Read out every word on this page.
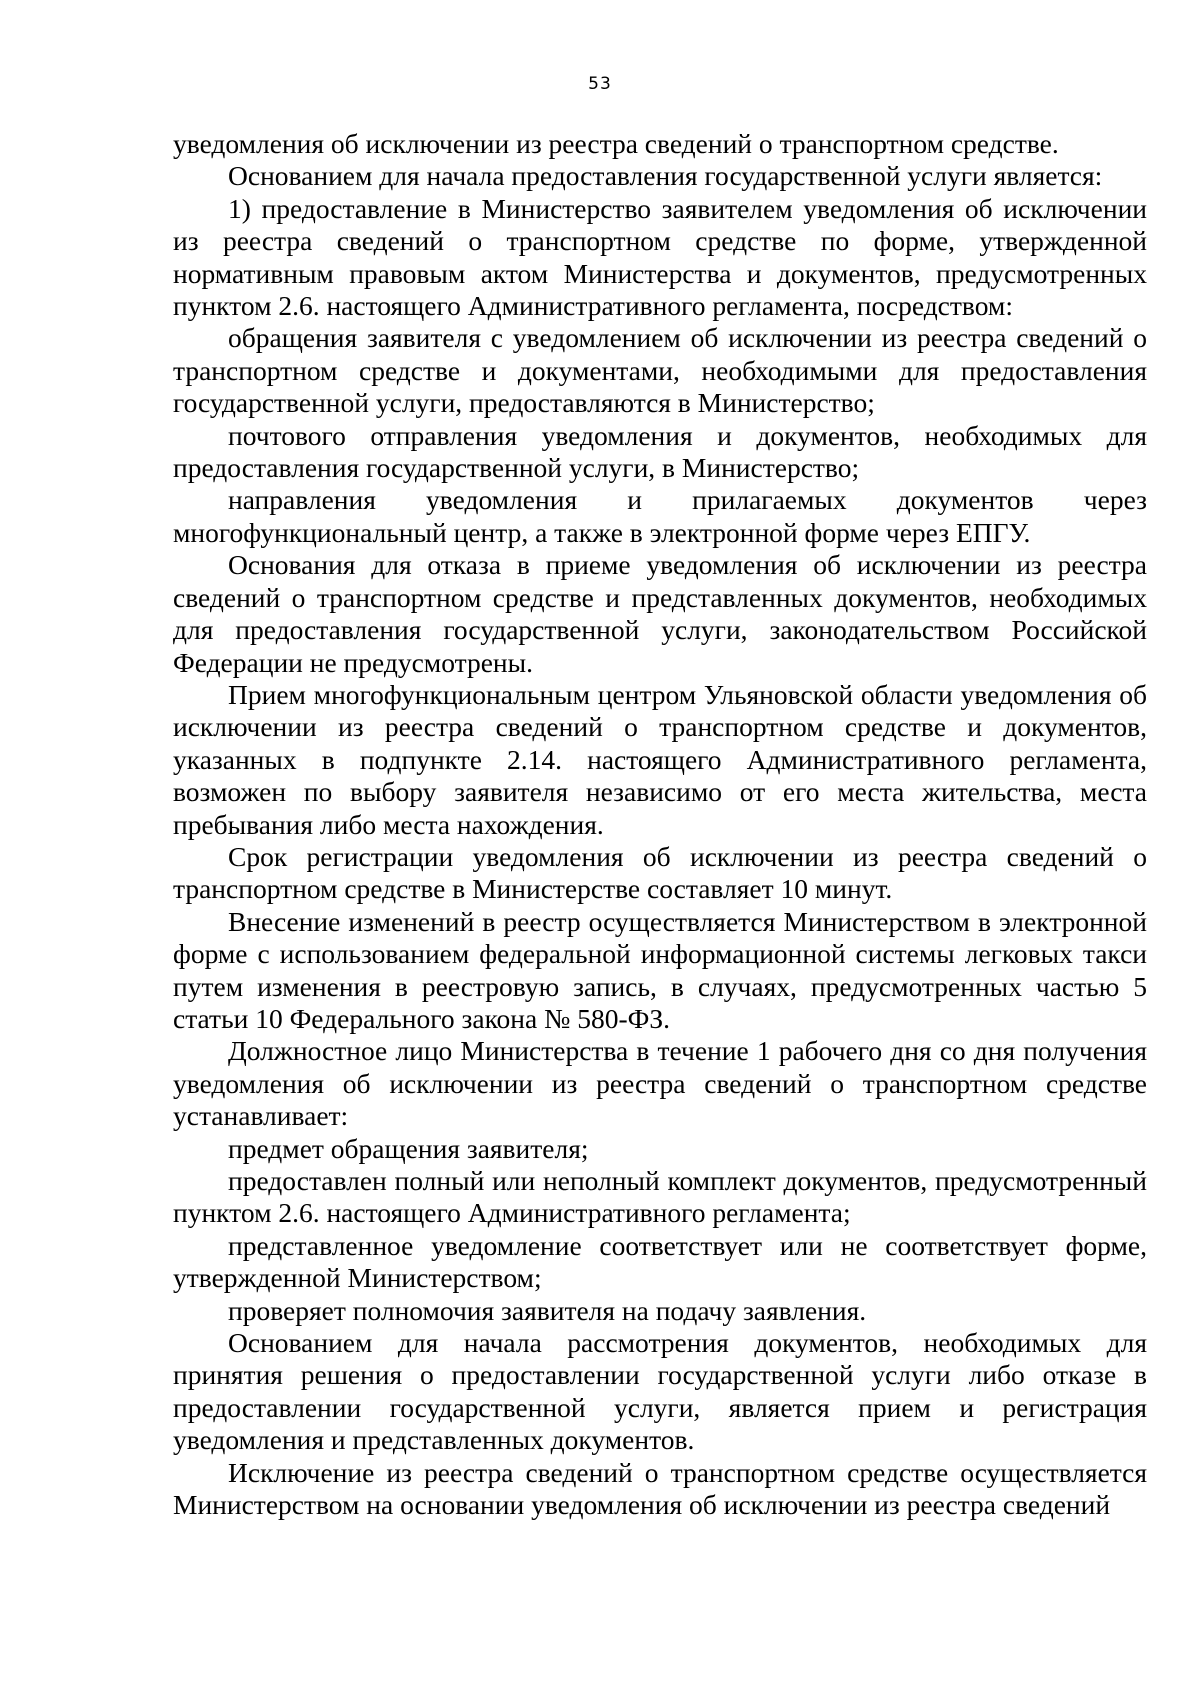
53

уведомления об исключении из реестра сведений о транспортном средстве.

Основанием для начала предоставления государственной услуги является:

1) предоставление в Министерство заявителем уведомления об исключении из реестра сведений о транспортном средстве по форме, утвержденной нормативным правовым актом Министерства и документов, предусмотренных пунктом 2.6. настоящего Административного регламента, посредством:

обращения заявителя с уведомлением об исключении из реестра сведений о транспортном средстве и документами, необходимыми для предоставления государственной услуги, предоставляются в Министерство;

почтового отправления уведомления и документов, необходимых для предоставления государственной услуги, в Министерство;

направления уведомления и прилагаемых документов через многофункциональный центр, а также в электронной форме через ЕПГУ.

Основания для отказа в приеме уведомления об исключении из реестра сведений о транспортном средстве и представленных документов, необходимых для предоставления государственной услуги, законодательством Российской Федерации не предусмотрены.

Прием многофункциональным центром Ульяновской области уведомления об исключении из реестра сведений о транспортном средстве и документов, указанных в подпункте 2.14. настоящего Административного регламента, возможен по выбору заявителя независимо от его места жительства, места пребывания либо места нахождения.

Срок регистрации уведомления об исключении из реестра сведений о транспортном средстве в Министерстве составляет 10 минут.

Внесение изменений в реестр осуществляется Министерством в электронной форме с использованием федеральной информационной системы легковых такси путем изменения в реестровую запись, в случаях, предусмотренных частью 5 статьи 10 Федерального закона № 580-ФЗ.

Должностное лицо Министерства в течение 1 рабочего дня со дня получения уведомления об исключении из реестра сведений о транспортном средстве устанавливает:

предмет обращения заявителя;

предоставлен полный или неполный комплект документов, предусмотренный пунктом 2.6. настоящего Административного регламента;

представленное уведомление соответствует или не соответствует форме, утвержденной Министерством;

проверяет полномочия заявителя на подачу заявления.

Основанием для начала рассмотрения документов, необходимых для принятия решения о предоставлении государственной услуги либо отказе в предоставлении государственной услуги, является прием и регистрация уведомления и представленных документов.

Исключение из реестра сведений о транспортном средстве осуществляется Министерством на основании уведомления об исключении из реестра сведений
